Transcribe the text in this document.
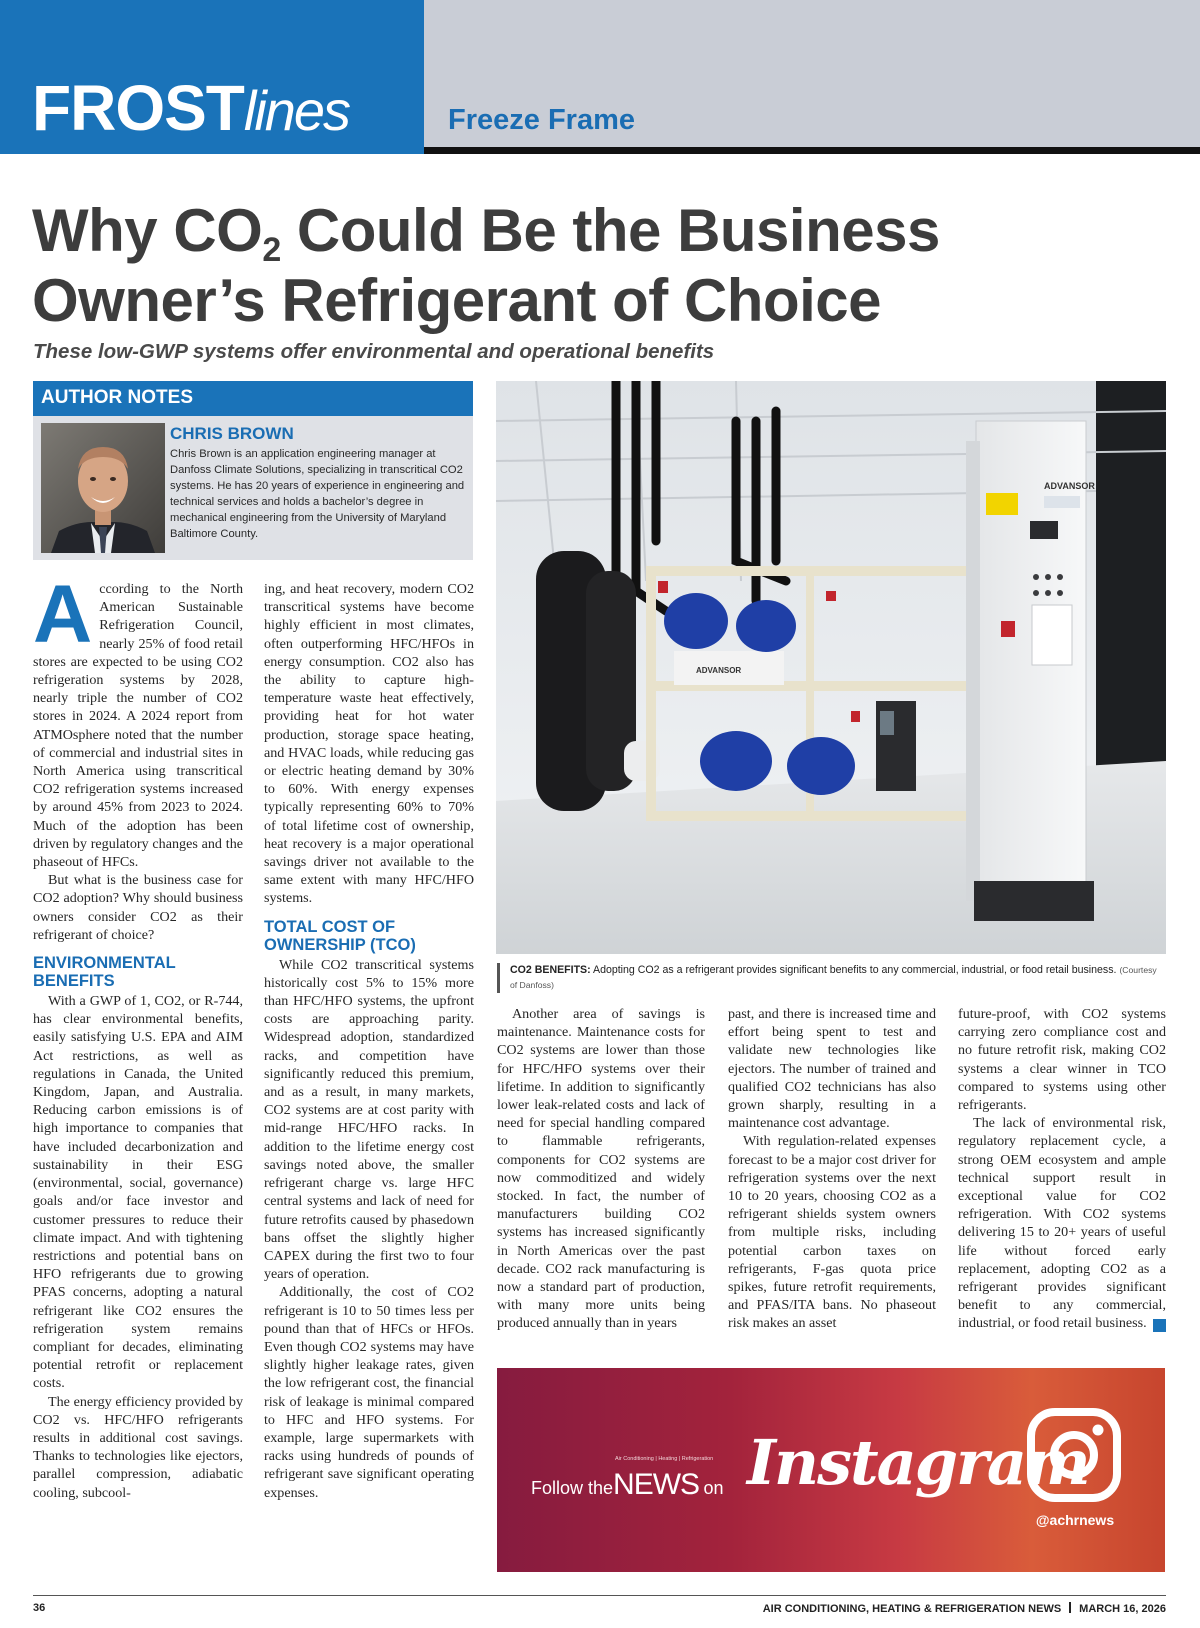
FROSTlines	Freeze Frame
Why $CO_2$ Could Be the Business
Owner’s Refrigerant of Choice
These low-GWP systems offer environmental and operational benefits
AUTHOR NOTES
CHRIS BROWN
Chris Brown is an application engineering manager at Danfoss Climate Solutions, specializing in transcritical CO2 systems. He has 20 years of experience in engineering and technical services and holds a bachelor’s degree in mechanical engineering from the University of Maryland Baltimore County.
ADVANSOR
ADVANSOR
CO2 BENEFITS: Adopting CO2 as a refrigerant provides significant benefits to any commercial, industrial, or food retail business. (Courtesy of Danfoss)

According to the North American Sustainable Refrigeration Council, nearly 25% of food retail stores are expected to be using CO2 refrigeration systems by 2028, nearly triple the number of CO2 stores in 2024. A 2024 report from ATMOsphere noted that the number of commercial and industrial sites in North America using transcritical CO2 refrigeration systems increased by around 45% from 2023 to 2024. Much of the adoption has been driven by regulatory changes and the phaseout of HFCs.

But what is the business case for CO2 adoption? Why should business owners consider CO2 as their refrigerant of choice?

ENVIRONMENTAL BENEFITS

With a GWP of 1, CO2, or R-744, has clear environmental benefits, easily satisfying U.S. EPA and AIM Act restrictions, as well as regulations in Canada, the United Kingdom, Japan, and Australia. Reducing carbon emissions is of high importance to companies that have included decarbonization and sustainability in their ESG (environmental, social, governance) goals and/or face investor and customer pressures to reduce their climate impact. And with tightening restrictions and potential bans on HFO refrigerants due to growing PFAS concerns, adopting a natural refrigerant like CO2 ensures the refrigeration system remains compliant for decades, eliminating potential retrofit or replacement costs.

The energy efficiency provided by CO2 vs. HFC/HFO refrigerants results in additional cost savings. Thanks to technologies like ejectors, parallel compression, adiabatic cooling, subcool-

ing, and heat recovery, modern CO2 transcritical systems have become highly efficient in most climates, often outperforming HFC/HFOs in energy consumption. CO2 also has the ability to capture high-temperature waste heat effectively, providing heat for hot water production, storage space heating, and HVAC loads, while reducing gas or electric heating demand by 30% to 60%. With energy expenses typically representing 60% to 70% of total lifetime cost of ownership, heat recovery is a major operational savings driver not available to the same extent with many HFC/HFO systems.

TOTAL COST OF OWNERSHIP (TCO)

While CO2 transcritical systems historically cost 5% to 15% more than HFC/HFO systems, the upfront costs are approaching parity. Widespread adoption, standardized racks, and competition have significantly reduced this premium, and as a result, in many markets, CO2 systems are at cost parity with mid-range HFC/HFO racks. In addition to the lifetime energy cost savings noted above, the smaller refrigerant charge vs. large HFC central systems and lack of need for future retrofits caused by phasedown bans offset the slightly higher CAPEX during the first two to four years of operation.

Additionally, the cost of CO2 refrigerant is 10 to 50 times less per pound than that of HFCs or HFOs. Even though CO2 systems may have slightly higher leakage rates, given the low refrigerant cost, the financial risk of leakage is minimal compared to HFC and HFO systems. For example, large supermarkets with racks using hundreds of pounds of refrigerant save significant operating expenses.

Another area of savings is maintenance. Maintenance costs for CO2 systems are lower than those for HFC/HFO systems over their lifetime. In addition to significantly lower leak-related costs and lack of need for special handling compared to flammable refrigerants, components for CO2 systems are now commoditized and widely stocked. In fact, the number of manufacturers building CO2 systems has increased significantly in North Americas over the past decade. CO2 rack manufacturing is now a standard part of production, with many more units being produced annually than in years

past, and there is increased time and effort being spent to test and validate new technologies like ejectors. The number of trained and qualified CO2 technicians has also grown sharply, resulting in a maintenance cost advantage.

With regulation-related expenses forecast to be a major cost driver for refrigeration systems over the next 10 to 20 years, choosing CO2 as a refrigerant shields system owners from multiple risks, including potential carbon taxes on refrigerants, F-gas quota price spikes, future retrofit requirements, and PFAS/ITA bans. No phaseout risk makes an asset

future-proof, with CO2 systems carrying zero compliance cost and no future retrofit risk, making CO2 systems a clear winner in TCO compared to systems using other refrigerants.

The lack of environmental risk, regulatory replacement cycle, a strong OEM ecosystem and ample technical support result in exceptional value for CO2 refrigeration. With CO2 systems delivering 15 to 20+ years of useful life without forced early replacement, adopting CO2 as a refrigerant provides significant benefit to any commercial, industrial, or food retail business. N

Air Conditioning | Heating | Refrigeration
Follow theNEWS on Instagram
@achrnews
36	AIR CONDITIONING, HEATING & REFRIGERATION NEWS MARCH 16, 2026
